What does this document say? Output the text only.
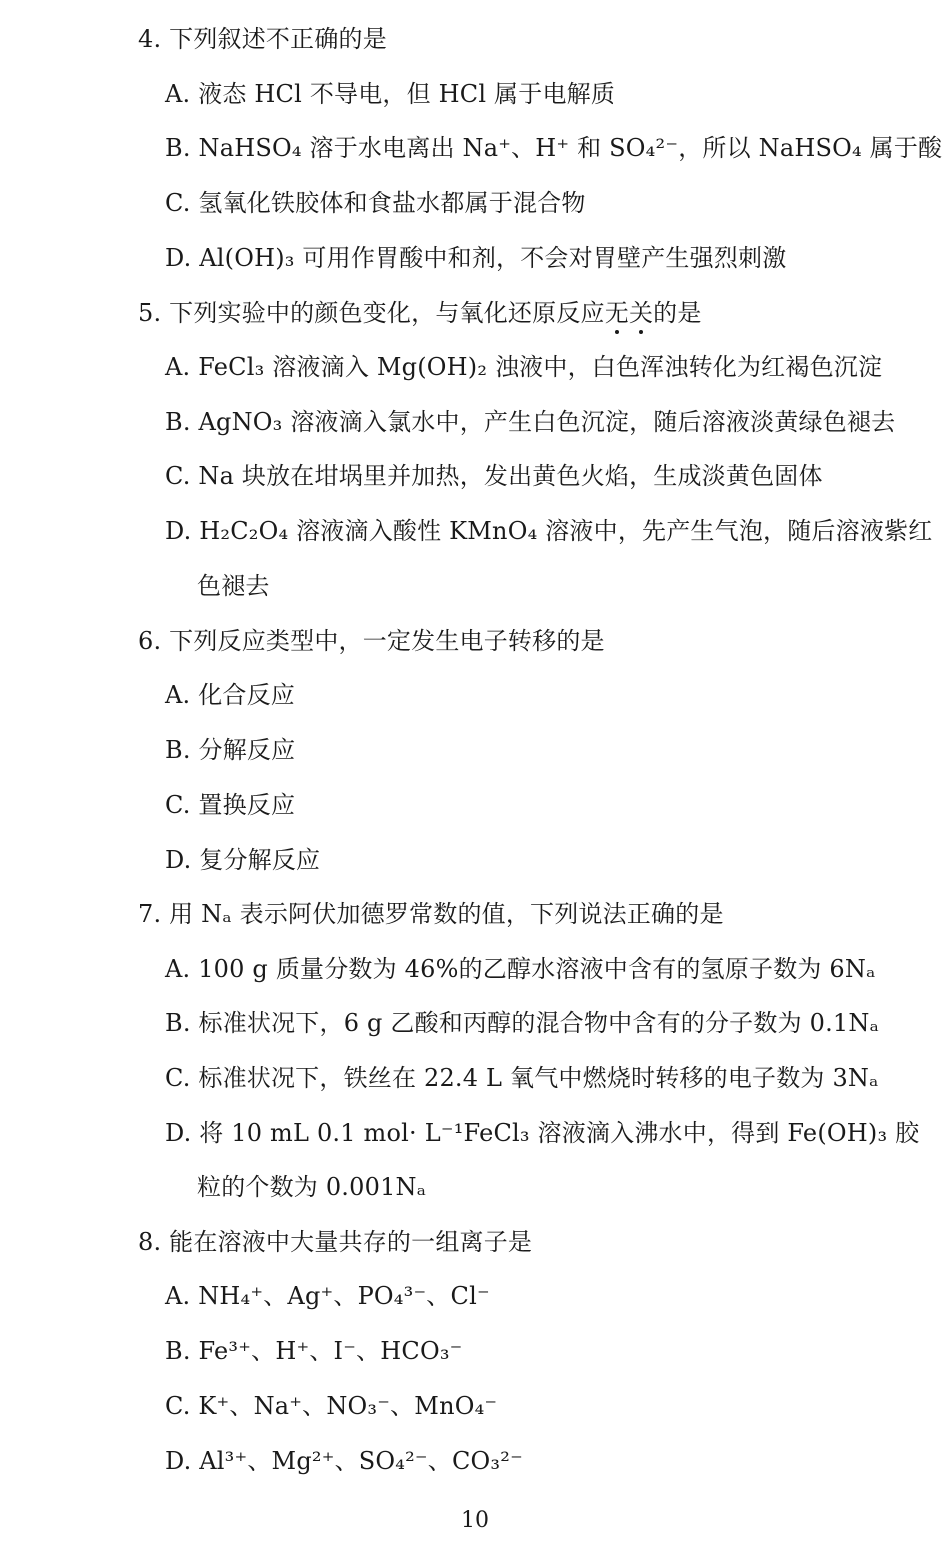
4. 下列叙述不正确的是
A. 液态 HCl 不导电，但 HCl 属于电解质
B. NaHSO₄ 溶于水电离出 Na⁺、H⁺ 和 SO₄²⁻，所以 NaHSO₄ 属于酸
C. 氢氧化铁胶体和食盐水都属于混合物
D. Al(OH)₃ 可用作胃酸中和剂，不会对胃壁产生强烈刺激
5. 下列实验中的颜色变化，与氧化还原反应无关的是
A. FeCl₃ 溶液滴入 Mg(OH)₂ 浊液中，白色浑浊转化为红褐色沉淀
B. AgNO₃ 溶液滴入氯水中，产生白色沉淀，随后溶液淡黄绿色褪去
C. Na 块放在坩埚里并加热，发出黄色火焰，生成淡黄色固体
D. H₂C₂O₄ 溶液滴入酸性 KMnO₄ 溶液中，先产生气泡，随后溶液紫红
色褪去
6. 下列反应类型中，一定发生电子转移的是
A. 化合反应
B. 分解反应
C. 置换反应
D. 复分解反应
7. 用 Nₐ 表示阿伏加德罗常数的值，下列说法正确的是
A. 100 g 质量分数为 46%的乙醇水溶液中含有的氢原子数为 6Nₐ
B. 标准状况下，6 g 乙酸和丙醇的混合物中含有的分子数为 0.1Nₐ
C. 标准状况下，铁丝在 22.4 L 氧气中燃烧时转移的电子数为 3Nₐ
D. 将 10 mL 0.1 mol· L⁻¹FeCl₃ 溶液滴入沸水中，得到 Fe(OH)₃ 胶
粒的个数为 0.001Nₐ
8. 能在溶液中大量共存的一组离子是
A. NH₄⁺、Ag⁺、PO₄³⁻、Cl⁻
B. Fe³⁺、H⁺、I⁻、HCO₃⁻
C. K⁺、Na⁺、NO₃⁻、MnO₄⁻
D. Al³⁺、Mg²⁺、SO₄²⁻、CO₃²⁻
10
